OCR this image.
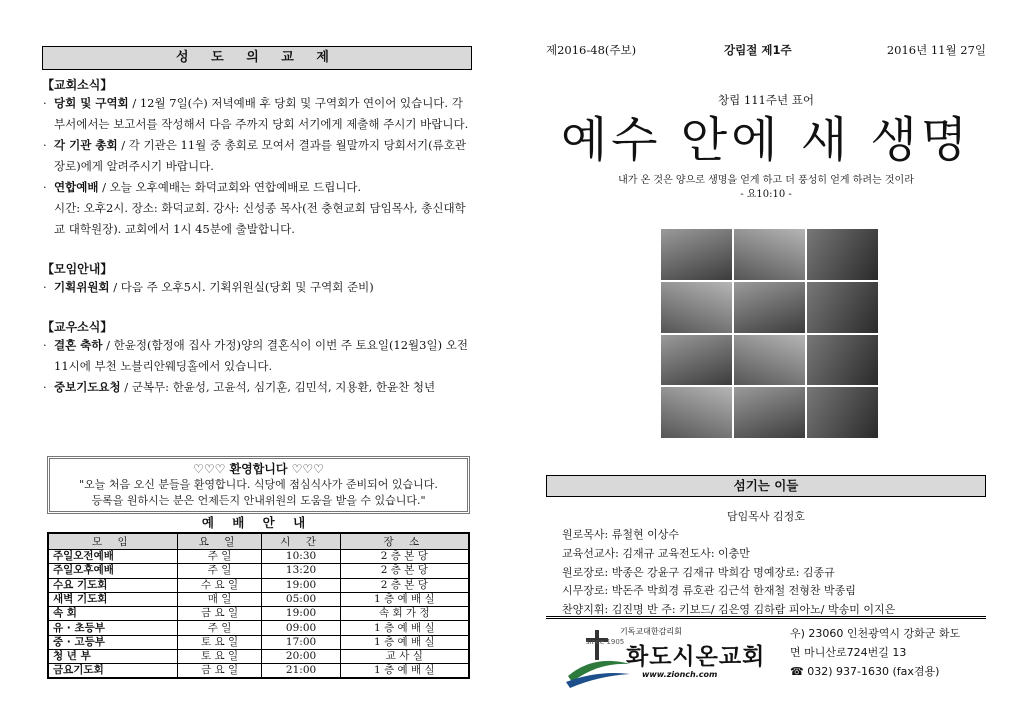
성 도 의 교 제
【교회소식】
· 당회 및 구역회 / 12월 7일(수) 저녁예배 후 당회 및 구역회가 연이어 있습니다. 각 부서에서는 보고서를 작성해서 다음 주까지 당회 서기에게 제출해 주시기 바랍니다.
· 각 기관 총회 / 각 기관은 11월 중 총회로 모여서 결과를 월말까지 당회서기(류호관 장로)에게 알려주시기 바랍니다.
· 연합예배 / 오늘 오후예배는 화덕교회와 연합예배로 드립니다.
시간: 오후2시. 장소: 화덕교회. 강사: 신성종 목사(전 충현교회 담임목사, 총신대학교 대학원장). 교회에서 1시 45분에 출발합니다.
【모임안내】
· 기획위원회 / 다음 주 오후5시. 기획위원실(당회 및 구역회 준비)
【교우소식】
· 결혼 축하 / 한윤정(함정애 집사 가정)양의 결혼식이 이번 주 토요일(12월3일) 오전11시에 부천 노블리안웨딩홀에서 있습니다.
· 중보기도요청 / 군복무: 한윤성, 고윤석, 심기훈, 김민석, 지용환, 한윤찬 청년
♡♡♡ 환영합니다 ♡♡♡
"오늘 처음 오신 분들을 환영합니다. 식당에 점심식사가 준비되어 있습니다.
등록을 원하시는 분은 언제든지 안내위원의 도움을 받을 수 있습니다."
예 배 안 내
모 임	요 일	시 간	장 소
주일오전예배	주 일	10:30	2 층 본 당
주일오후예배	주 일	13:20	2 층 본 당
수요 기도회	수 요 일	19:00	2 층 본 당
새벽 기도회	매 일	05:00	1 층 예 배 실
속 회	금 요 일	19:00	속 회 가 정
유 · 초등부	주 일	09:00	1 층 예 배 실
중 · 고등부	토 요 일	17:00	1 층 예 배 실
청 년 부	토 요 일	20:00	교 사 실
금요기도회	금 요 일	21:00	1 층 예 배 실
제2016-48(주보)	강림절 제1주	2016년 11월 27일
창립 111주년 표어
예수 안에 새 생명
내가 온 것은 양으로 생명을 얻게 하고 더 풍성히 얻게 하려는 것이라
- 요10:10 -
섬기는 이들
담임목사 김정호
원로목사: 류철현 이상수
교육선교사: 김재규 교육전도사: 이충만
원로장로: 박종은 강윤구 김재규 박희감 명예장로: 김종규
시무장로: 박돈주 박희경 류호관 김근석 한재철 전형찬 박종림
찬양지휘: 김진명 반 주: 키보드/ 김은영 김하람 피아노/ 박송미 이지은
기독교대한감리회
since 1905
화도시온교회
www.zionch.com
우) 23060 인천광역시 강화군 화도
면 마니산로724번길 13
☎ 032) 937-1630 (fax겸용)
